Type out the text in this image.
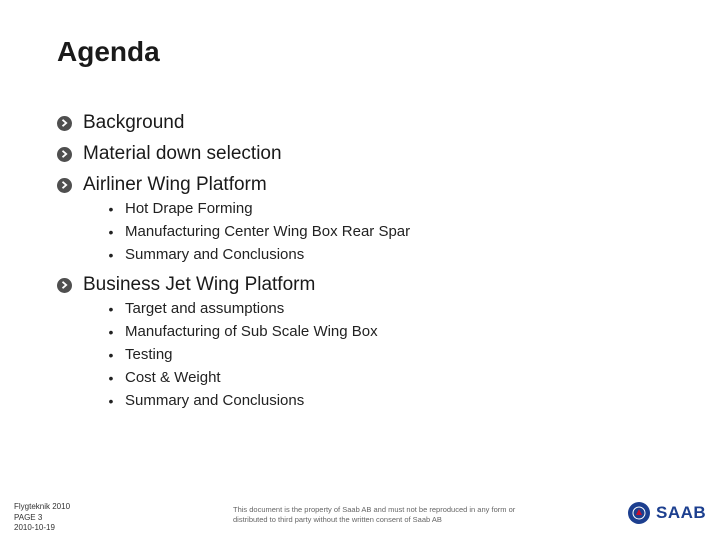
Agenda
Background
Material down selection
Airliner Wing Platform
• Hot Drape Forming
• Manufacturing Center Wing Box Rear Spar
• Summary and Conclusions
Business Jet Wing Platform
• Target and assumptions
• Manufacturing of Sub Scale Wing Box
• Testing
• Cost & Weight
• Summary and Conclusions
Flygteknik 2010
PAGE 3
2010-10-19
This document is the property of Saab AB and must not be reproduced in any form or distributed to third party without the written consent of Saab AB	SAAB
